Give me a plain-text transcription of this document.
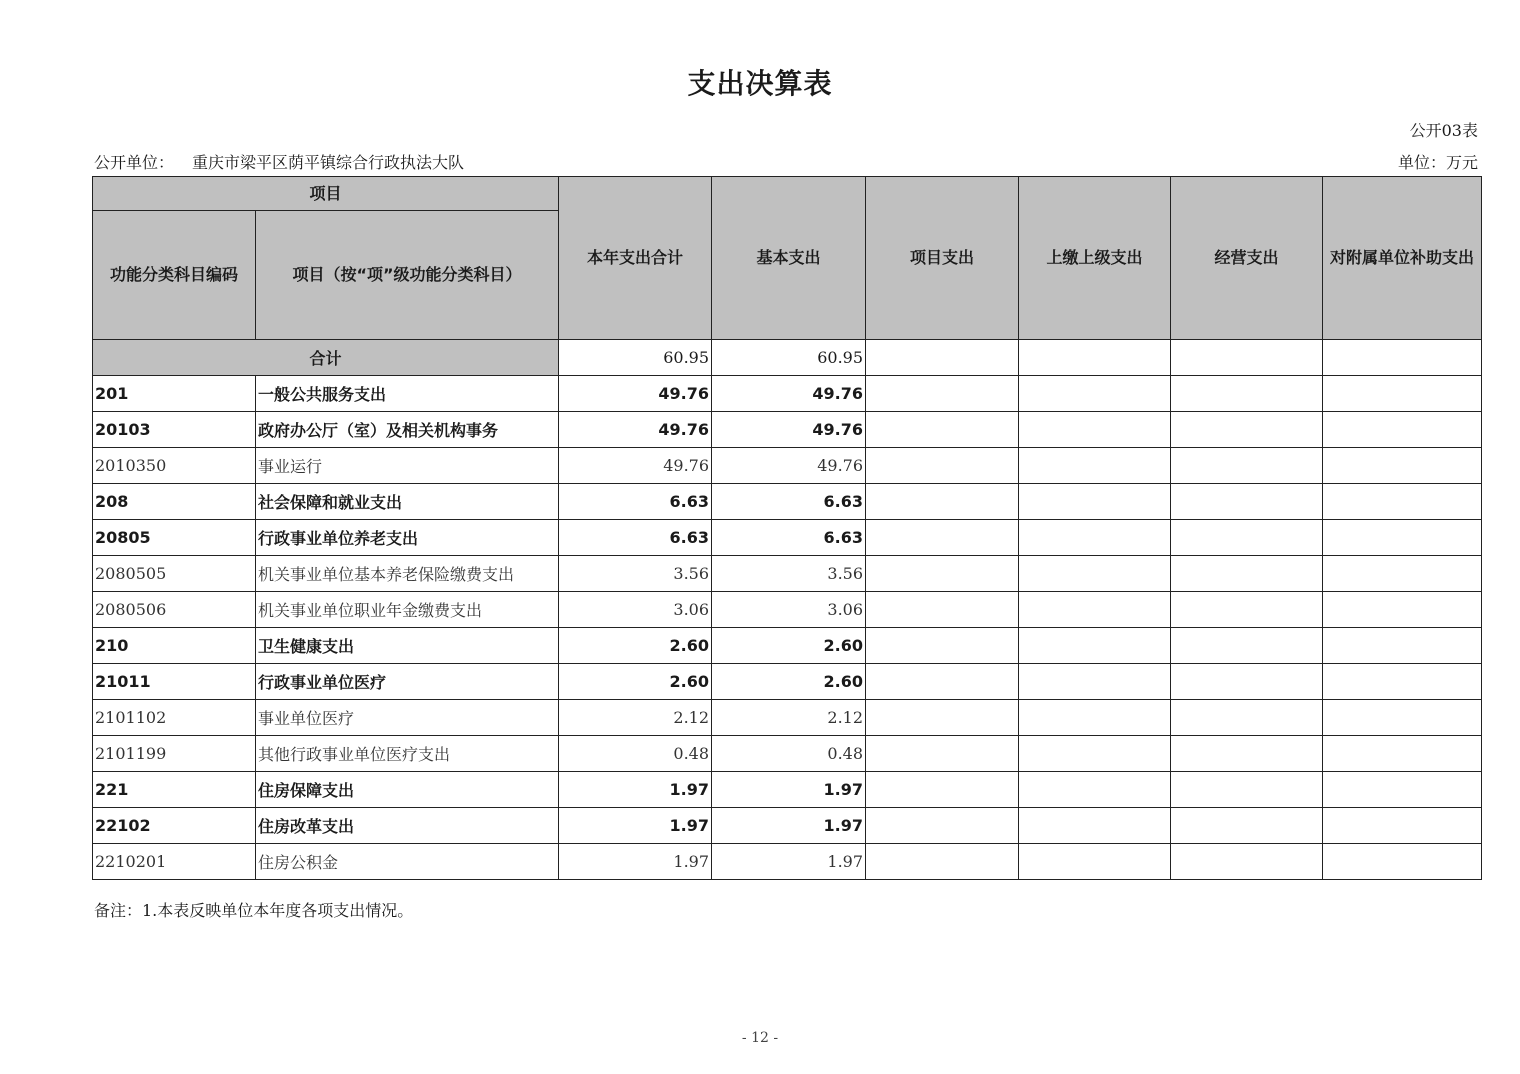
支出决算表
公开03表
公开单位： 重庆市梁平区荫平镇综合行政执法大队	单位：万元
项目		本年支出合计	基本支出	项目支出	上缴上级支出	经营支出	对附属单位补助支出
功能分类科目编码	项目（按“项”级功能分类科目）						
合计		60.95	60.95				
201	一般公共服务支出	49.76	49.76				
20103	政府办公厅（室）及相关机构事务	49.76	49.76				
2010350	事业运行	49.76	49.76				
208	社会保障和就业支出	6.63	6.63				
20805	行政事业单位养老支出	6.63	6.63				
2080505	机关事业单位基本养老保险缴费支出	3.56	3.56				
2080506	机关事业单位职业年金缴费支出	3.06	3.06				
210	卫生健康支出	2.60	2.60				
21011	行政事业单位医疗	2.60	2.60				
2101102	事业单位医疗	2.12	2.12				
2101199	其他行政事业单位医疗支出	0.48	0.48				
221	住房保障支出	1.97	1.97				
22102	住房改革支出	1.97	1.97				
2210201	住房公积金	1.97	1.97				
备注：1.本表反映单位本年度各项支出情况。
- 12 -
